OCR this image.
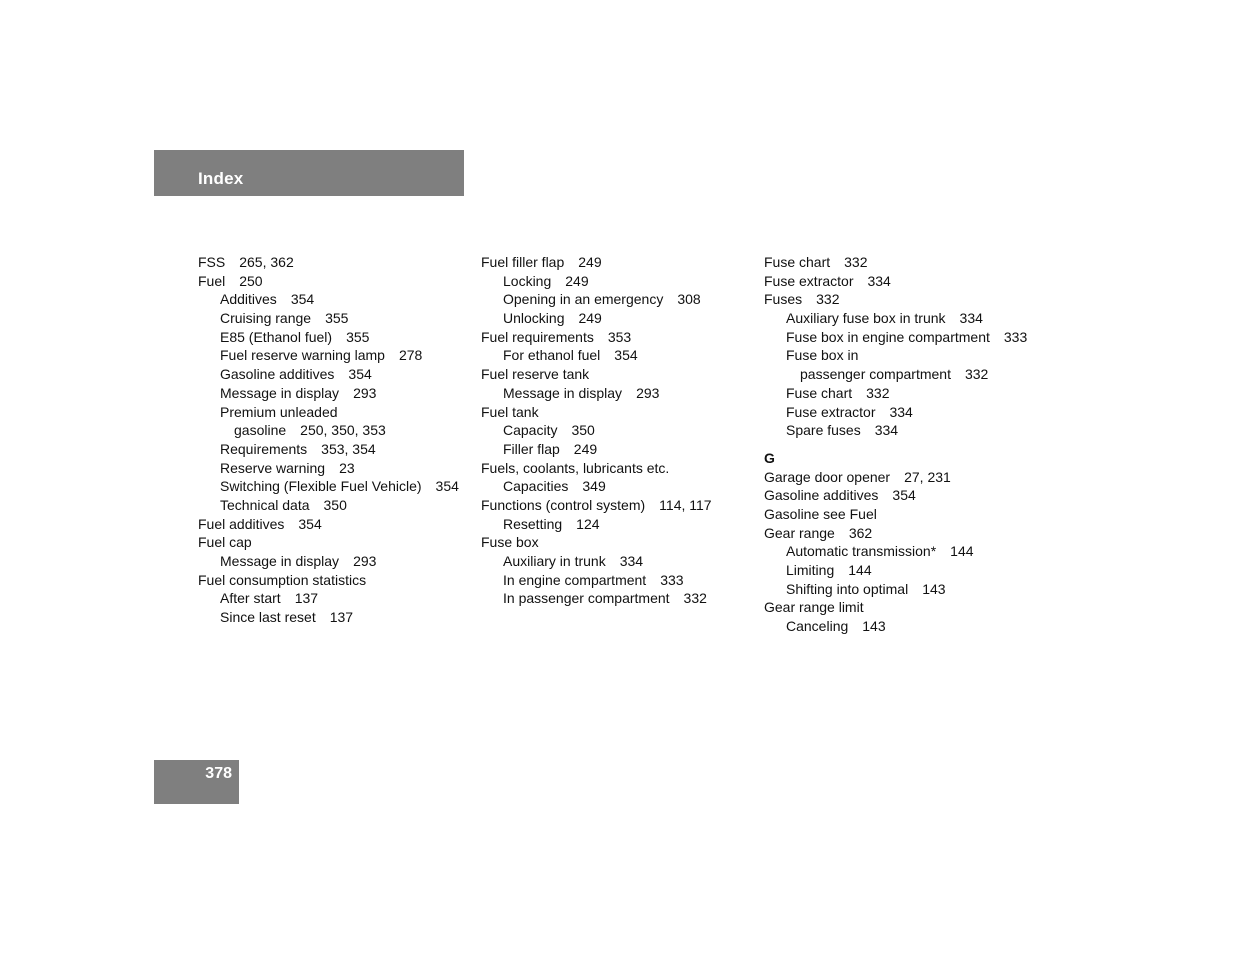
Index
FSS 265, 362
Fuel 250
Additives 354
Cruising range 355
E85 (Ethanol fuel) 355
Fuel reserve warning lamp 278
Gasoline additives 354
Message in display 293
Premium unleaded
gasoline 250, 350, 353
Requirements 353, 354
Reserve warning 23
Switching (Flexible Fuel Vehicle) 354
Technical data 350
Fuel additives 354
Fuel cap
Message in display 293
Fuel consumption statistics
After start 137
Since last reset 137
Fuel filler flap 249
Locking 249
Opening in an emergency 308
Unlocking 249
Fuel requirements 353
For ethanol fuel 354
Fuel reserve tank
Message in display 293
Fuel tank
Capacity 350
Filler flap 249
Fuels, coolants, lubricants etc.
Capacities 349
Functions (control system) 114, 117
Resetting 124
Fuse box
Auxiliary in trunk 334
In engine compartment 333
In passenger compartment 332
Fuse chart 332
Fuse extractor 334
Fuses 332
Auxiliary fuse box in trunk 334
Fuse box in engine compartment 333
Fuse box in
passenger compartment 332
Fuse chart 332
Fuse extractor 334
Spare fuses 334
G
Garage door opener 27, 231
Gasoline additives 354
Gasoline see Fuel
Gear range 362
Automatic transmission* 144
Limiting 144
Shifting into optimal 143
Gear range limit
Canceling 143
378
